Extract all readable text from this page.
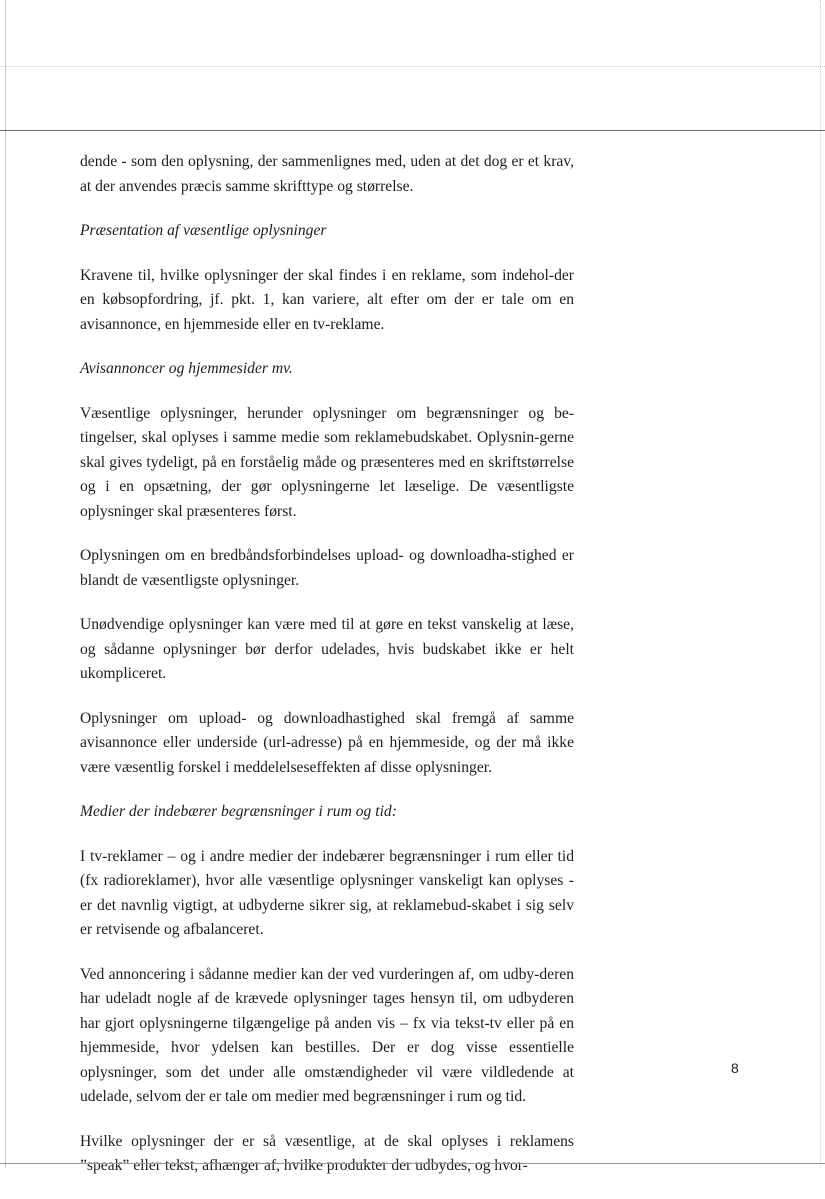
dende - som den oplysning, der sammenlignes med, uden at det dog er et krav, at der anvendes præcis samme skrifttype og størrelse.

Præsentation af væsentlige oplysninger

Kravene til, hvilke oplysninger der skal findes i en reklame, som indehol-der en købsopfordring, jf. pkt. 1, kan variere, alt efter om der er tale om en avisannonce, en hjemmeside eller en tv-reklame.

Avisannoncer og hjemmesider mv.

Væsentlige oplysninger, herunder oplysninger om begrænsninger og be-tingelser, skal oplyses i samme medie som reklamebudskabet. Oplysnin-gerne skal gives tydeligt, på en forståelig måde og præsenteres med en skriftstørrelse og i en opsætning, der gør oplysningerne let læselige. De væsentligste oplysninger skal præsenteres først.

Oplysningen om en bredbåndsforbindelses upload- og downloadha-stighed er blandt de væsentligste oplysninger.

Unødvendige oplysninger kan være med til at gøre en tekst vanskelig at læse, og sådanne oplysninger bør derfor udelades, hvis budskabet ikke er helt ukompliceret.

Oplysninger om upload- og downloadhastighed skal fremgå af samme avisannonce eller underside (url-adresse) på en hjemmeside, og der må ikke være væsentlig forskel i meddelelseseffekten af disse oplysninger.

Medier der indebærer begrænsninger i rum og tid:

I tv-reklamer – og i andre medier der indebærer begrænsninger i rum eller tid (fx radioreklamer), hvor alle væsentlige oplysninger vanskeligt kan oplyses - er det navnlig vigtigt, at udbyderne sikrer sig, at reklamebud-skabet i sig selv er retvisende og afbalanceret.

Ved annoncering i sådanne medier kan der ved vurderingen af, om udby-deren har udeladt nogle af de krævede oplysninger tages hensyn til, om udbyderen har gjort oplysningerne tilgængelige på anden vis – fx via tekst-tv eller på en hjemmeside, hvor ydelsen kan bestilles. Der er dog visse essentielle oplysninger, som det under alle omstændigheder vil være vildledende at udelade, selvom der er tale om medier med begrænsninger i rum og tid.

Hvilke oplysninger der er så væsentlige, at de skal oplyses i reklamens ”speak” eller tekst, afhænger af, hvilke produkter der udbydes, og hvor-

8
